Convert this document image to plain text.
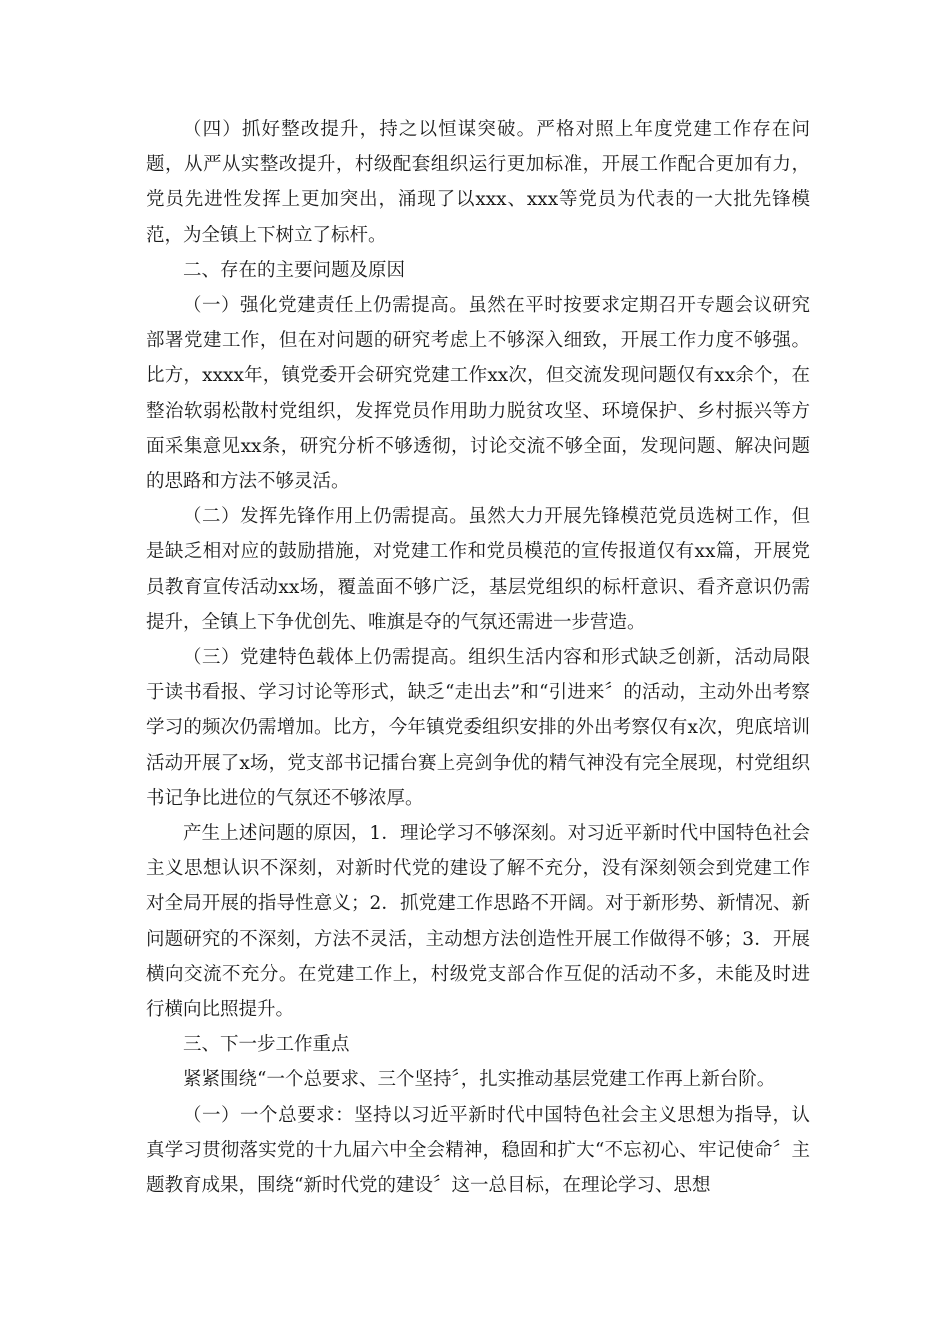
（四）抓好整改提升，持之以恒谋突破。严格对照上年度党建工作存在问题，从严从实整改提升，村级配套组织运行更加标准，开展工作配合更加有力，党员先进性发挥上更加突出，涌现了以xxx、xxx等党员为代表的一大批先锋模范，为全镇上下树立了标杆。

二、存在的主要问题及原因

（一）强化党建责任上仍需提高。虽然在平时按要求定期召开专题会议研究部署党建工作，但在对问题的研究考虑上不够深入细致，开展工作力度不够强。比方，xxxx年，镇党委开会研究党建工作xx次，但交流发现问题仅有xx余个，在整治软弱松散村党组织，发挥党员作用助力脱贫攻坚、环境保护、乡村振兴等方面采集意见xx条，研究分析不够透彻，讨论交流不够全面，发现问题、解决问题的思路和方法不够灵活。

（二）发挥先锋作用上仍需提高。虽然大力开展先锋模范党员选树工作，但是缺乏相对应的鼓励措施，对党建工作和党员模范的宣传报道仅有xx篇，开展党员教育宣传活动xx场，覆盖面不够广泛，基层党组织的标杆意识、看齐意识仍需提升，全镇上下争优创先、唯旗是夺的气氛还需进一步营造。

（三）党建特色载体上仍需提高。组织生活内容和形式缺乏创新，活动局限于读书看报、学习讨论等形式，缺乏“走出去”和“引进来〞的活动，主动外出考察学习的频次仍需增加。比方，今年镇党委组织安排的外出考察仅有x次，兜底培训活动开展了x场，党支部书记擂台赛上亮剑争优的精气神没有完全展现，村党组织书记争比进位的气氛还不够浓厚。

产生上述问题的原因，1．理论学习不够深刻。对习近平新时代中国特色社会主义思想认识不深刻，对新时代党的建设了解不充分，没有深刻领会到党建工作对全局开展的指导性意义；2．抓党建工作思路不开阔。对于新形势、新情况、新问题研究的不深刻，方法不灵活，主动想方法创造性开展工作做得不够；3．开展横向交流不充分。在党建工作上，村级党支部合作互促的活动不多，未能及时进行横向比照提升。

三、下一步工作重点

紧紧围绕“一个总要求、三个坚持〞，扎实推动基层党建工作再上新台阶。

（一）一个总要求：坚持以习近平新时代中国特色社会主义思想为指导，认真学习贯彻落实党的十九届六中全会精神，稳固和扩大“不忘初心、牢记使命〞主题教育成果，围绕“新时代党的建设〞这一总目标，在理论学习、思想
